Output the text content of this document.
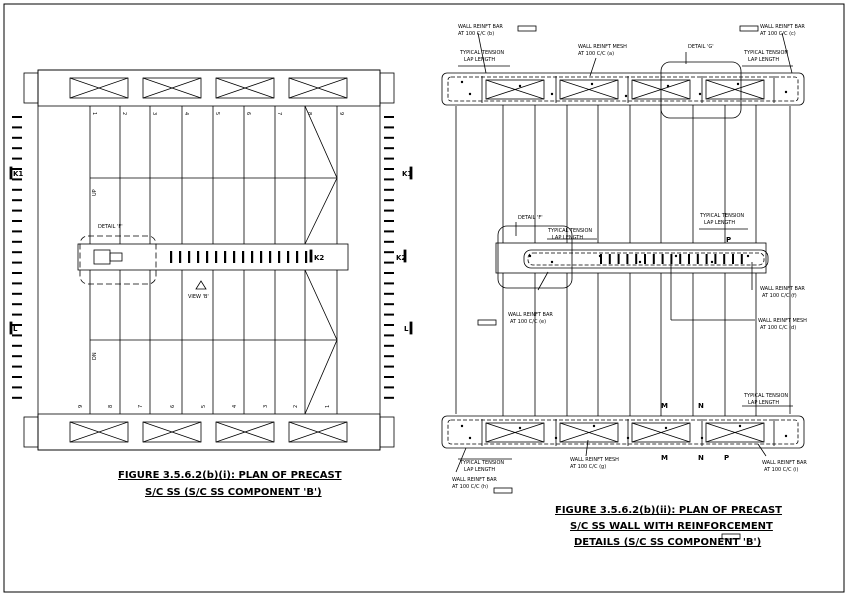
DETAIL 'F'
VIEW 'B'
UP
DN
K1	K1
K2	K2
L	L
1	2	3	4	5	6	7	8	9
9	8	7	6	5	4	3	2	1
FIGURE 3.5.6.2(b)(i): PLAN OF PRECAST
S/C SS (S/C SS COMPONENT 'B')
WALL REINFT BAR
AT 100 C/C (b)
WALL REINFT BAR
AT 100 C/C (c)
WALL REINFT MESH
AT 100 C/C (a)
DETAIL 'G'
TYPICAL TENSION
LAP LENGTH
TYPICAL TENSION
LAP LENGTH
DETAIL 'F'
TYPICAL TENSION
LAP LENGTH
TYPICAL TENSION
LAP LENGTH
P
WALL REINFT BAR
AT 100 C/C (f)
WALL REINFT BAR
AT 100 C/C (e)	WALL REINFT MESH
AT 100 C/C (d)
M	N
TYPICAL TENSION
LAP LENGTH
TYPICAL TENSION
LAP LENGTH
WALL REINFT MESH
AT 100 C/C (g)
M	N	P
WALL REINFT BAR
AT 100 C/C (h)
WALL REINFT BAR
AT 100 C/C (i)
FIGURE 3.5.6.2(b)(ii): PLAN OF PRECAST
S/C SS WALL WITH REINFORCEMENT
DETAILS (S/C SS COMPONENT 'B')
